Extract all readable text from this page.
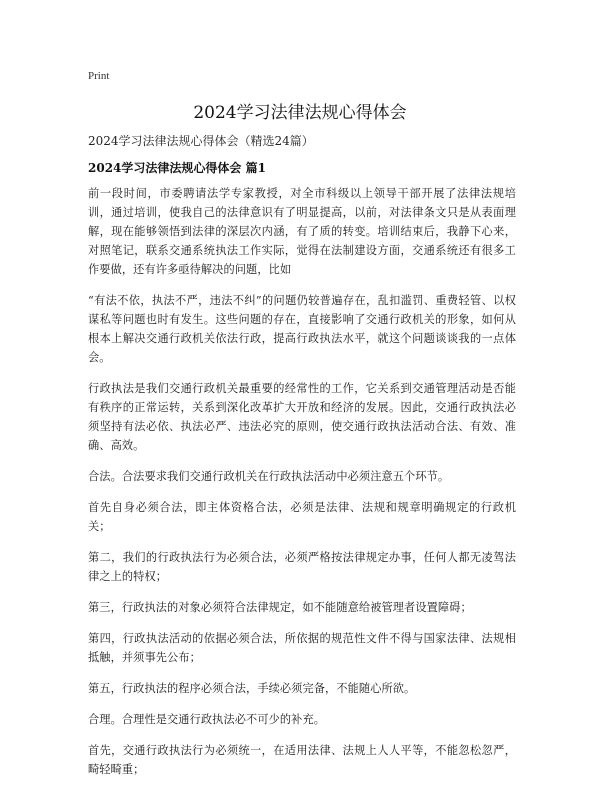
Print
2024学习法律法规心得体会
2024学习法律法规心得体会（精选24篇）
2024学习法律法规心得体会 篇1

前一段时间，市委聘请法学专家教授，对全市科级以上领导干部开展了法律法规培训，通过培训，使我自己的法律意识有了明显提高，以前，对法律条文只是从表面理解，现在能够领悟到法律的深层次内涵，有了质的转变。培训结束后，我静下心来，对照笔记，联系交通系统执法工作实际，觉得在法制建设方面，交通系统还有很多工作要做，还有许多亟待解决的问题，比如

“有法不依，执法不严，违法不纠”的问题仍较普遍存在，乱扣滥罚、重费轻管、以权谋私等问题也时有发生。这些问题的存在，直接影响了交通行政机关的形象，如何从根本上解决交通行政机关依法行政，提高行政执法水平，就这个问题谈谈我的一点体会。

行政执法是我们交通行政机关最重要的经常性的工作，它关系到交通管理活动是否能有秩序的正常运转，关系到深化改革扩大开放和经济的发展。因此，交通行政执法必须坚持有法必依、执法必严、违法必究的原则，使交通行政执法活动合法、有效、准确、高效。

合法。合法要求我们交通行政机关在行政执法活动中必须注意五个环节。

首先自身必须合法，即主体资格合法，必须是法律、法规和规章明确规定的行政机关；

第二，我们的行政执法行为必须合法，必须严格按法律规定办事，任何人都无凌驾法律之上的特权；

第三，行政执法的对象必须符合法律规定，如不能随意给被管理者设置障碍；

第四，行政执法活动的依据必须合法，所依据的规范性文件不得与国家法律、法规相抵触，并须事先公布；

第五，行政执法的程序必须合法，手续必须完备，不能随心所欲。

合理。合理性是交通行政执法必不可少的补充。

首先，交通行政执法行为必须统一，在适用法律、法规上人人平等，不能忽松忽严，畸轻畸重；
